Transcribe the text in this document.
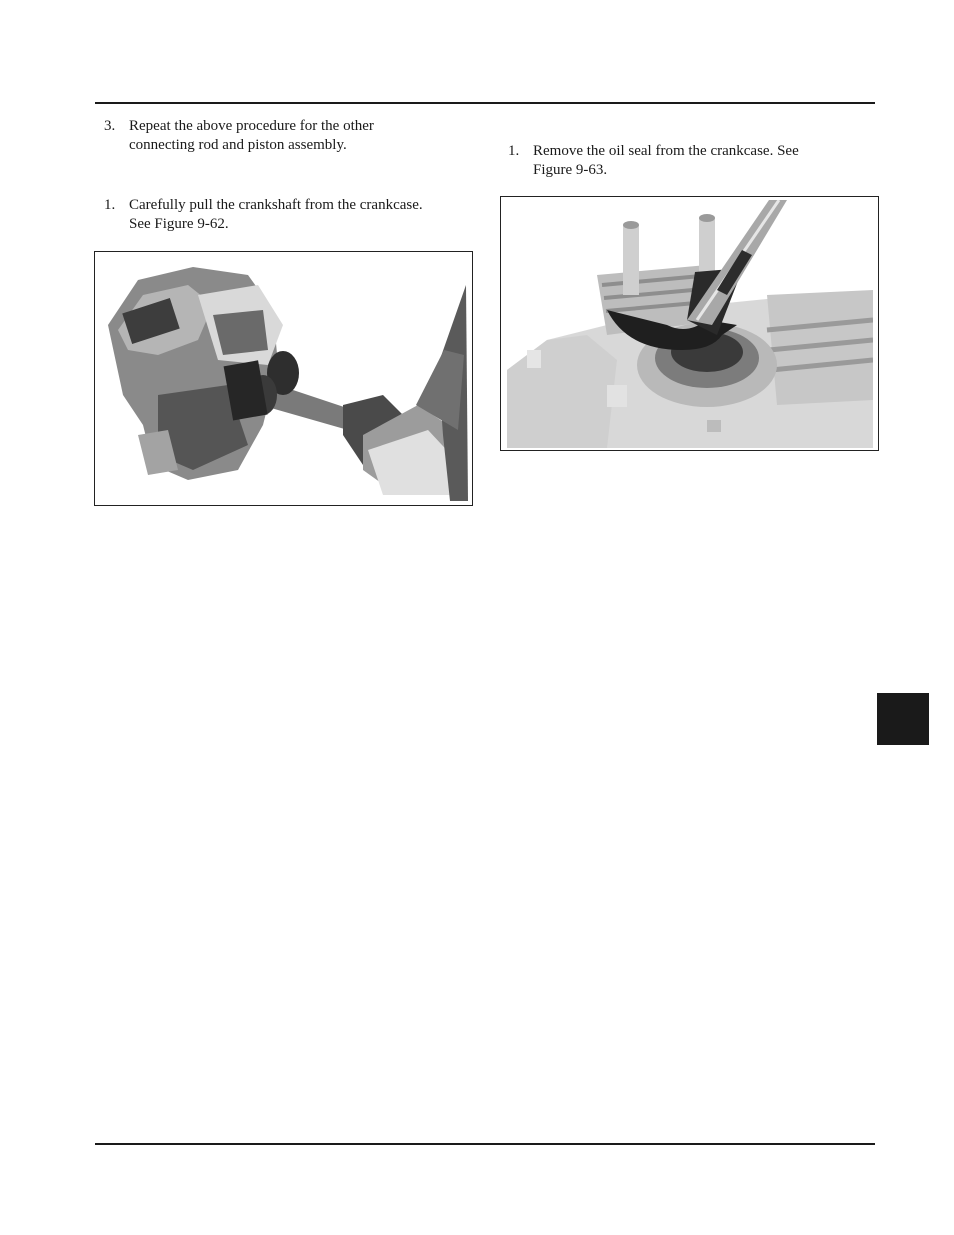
3. Repeat the above procedure for the other
connecting rod and piston assembly.
1. Carefully pull the crankshaft from the crankcase.
See Figure 9-62.
1. Remove the oil seal from the crankcase. See
Figure 9-63.
